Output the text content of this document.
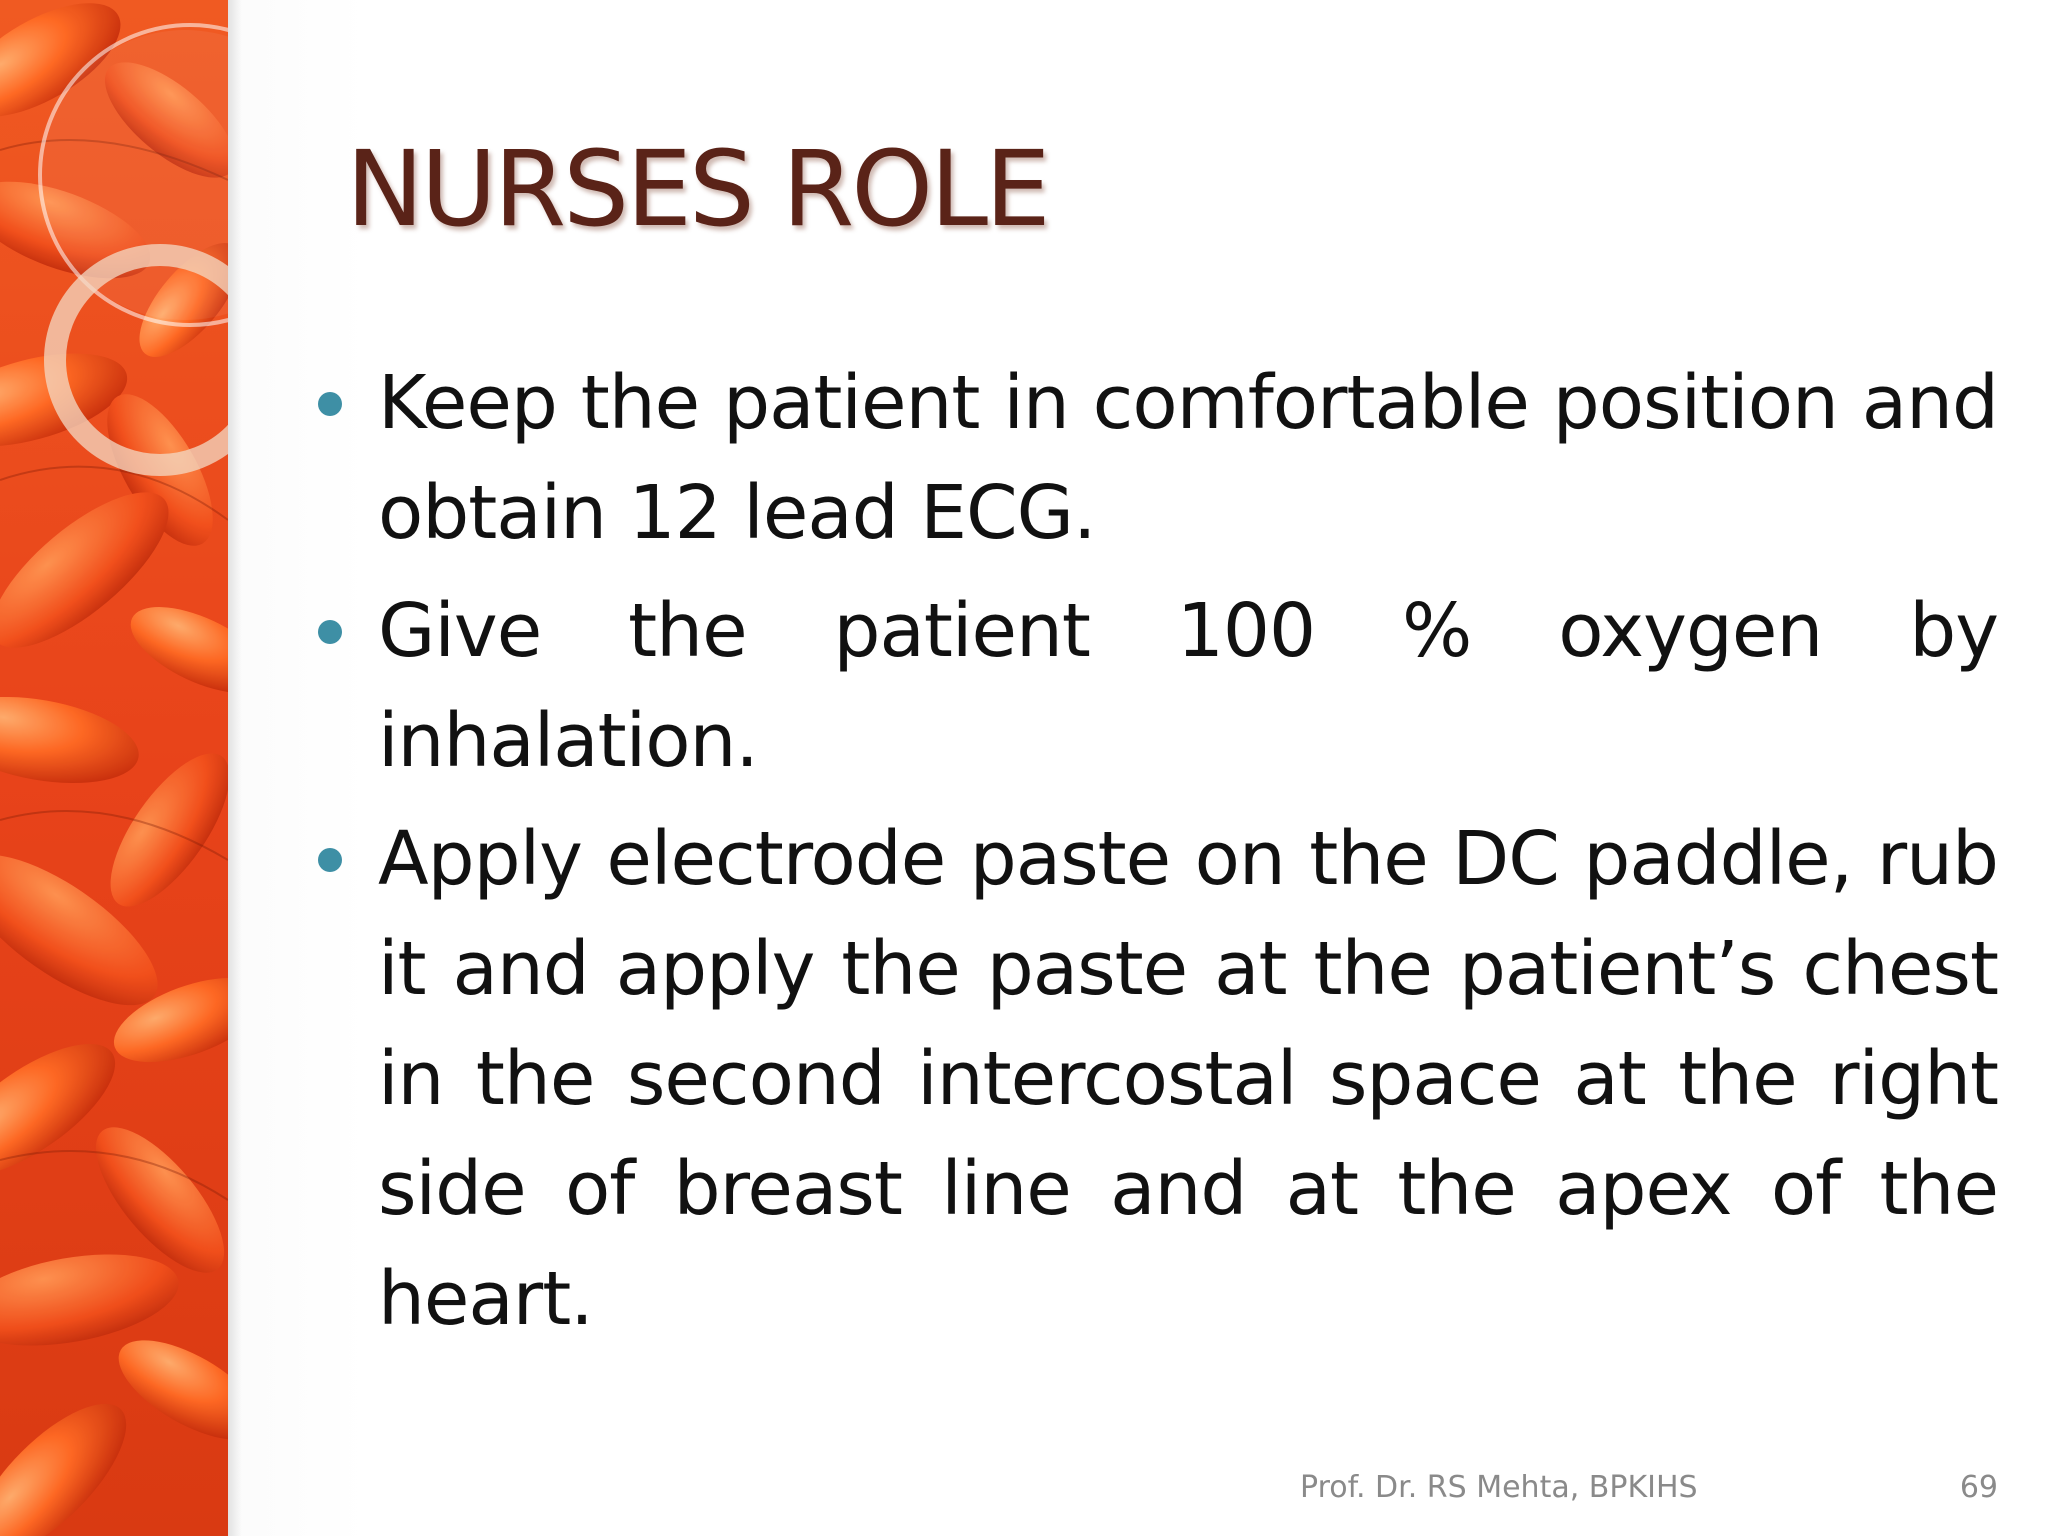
NURSES ROLE
Keep the patient in comfortable position and obtain 12 lead ECG.
Give the patient 100 % oxygen by inhalation.
Apply electrode paste on the DC paddle, rub it and apply the paste at the patient’s chest in the second intercostal space at the right side of breast line and at the apex of the heart.
Prof. Dr. RS Mehta, BPKIHS	69
